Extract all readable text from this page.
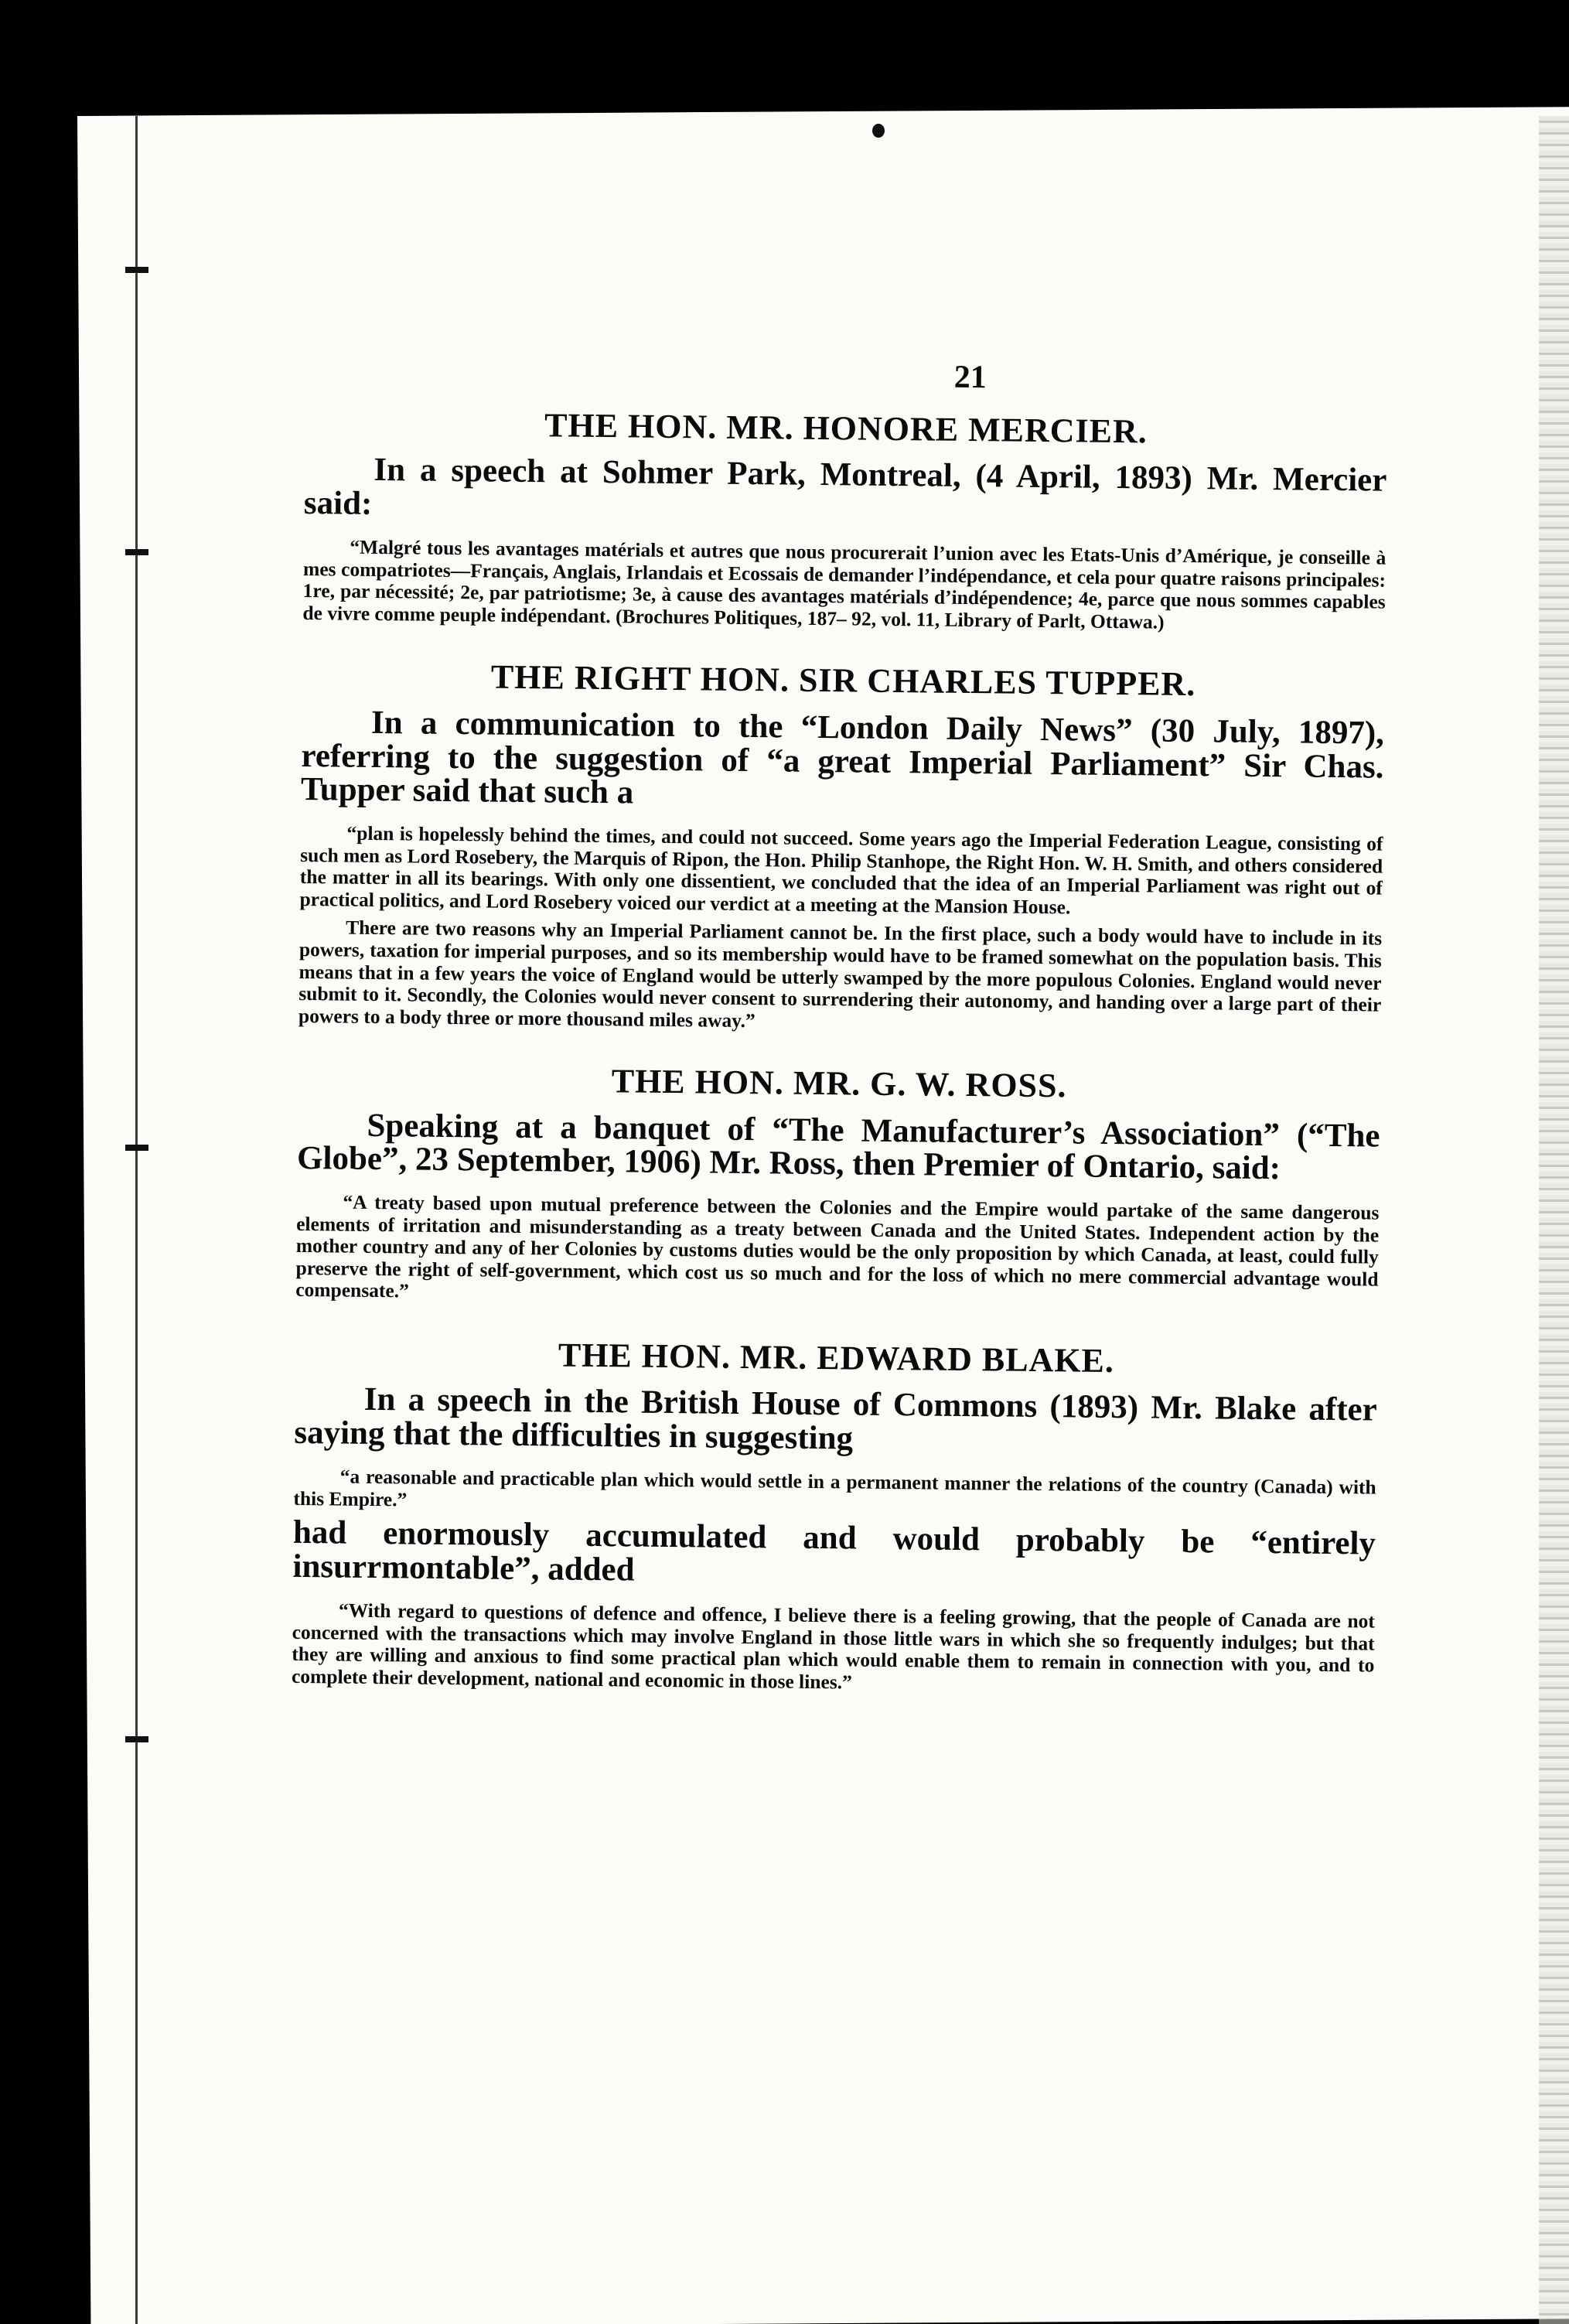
21
THE HON. MR. HONORE MERCIER.

In a speech at Sohmer Park, Montreal, (4 April, 1893) Mr. Mercier said:

“Malgré tous les avantages matérials et autres que nous procurerait l’union avec les Etats-Unis d’Amérique, je conseille à mes compatriotes—Français, Anglais, Irlandais et Ecossais de demander l’indépendance, et cela pour quatre raisons principales: 1re, par nécessité; 2e, par patriotisme; 3e, à cause des avantages matérials d’indépendence; 4e, parce que nous sommes capables de vivre comme peuple indépendant. (Brochures Politiques, 187– 92, vol. 11, Library of Parlt, Ottawa.)

THE RIGHT HON. SIR CHARLES TUPPER.

In a communication to the “London Daily News” (30 July, 1897), referring to the suggestion of “a great Imperial Parliament” Sir Chas. Tupper said that such a

“plan is hopelessly behind the times, and could not succeed. Some years ago the Imperial Federation League, consisting of such men as Lord Rosebery, the Marquis of Ripon, the Hon. Philip Stanhope, the Right Hon. W. H. Smith, and others considered the matter in all its bearings. With only one dissentient, we concluded that the idea of an Imperial Parliament was right out of practical politics, and Lord Rosebery voiced our verdict at a meeting at the Mansion House.

There are two reasons why an Imperial Parliament cannot be. In the first place, such a body would have to include in its powers, taxation for imperial purposes, and so its membership would have to be framed somewhat on the population basis. This means that in a few years the voice of England would be utterly swamped by the more populous Colonies. England would never submit to it. Secondly, the Colonies would never consent to surrendering their autonomy, and handing over a large part of their powers to a body three or more thousand miles away.”

THE HON. MR. G. W. ROSS.

Speaking at a banquet of “The Manufacturer’s Association” (“The Globe”, 23 September, 1906) Mr. Ross, then Premier of Ontario, said:

“A treaty based upon mutual preference between the Colonies and the Empire would partake of the same dangerous elements of irritation and misunderstanding as a treaty between Canada and the United States. Independent action by the mother country and any of her Colonies by customs duties would be the only proposition by which Canada, at least, could fully preserve the right of self-government, which cost us so much and for the loss of which no mere commercial advantage would compensate.”

THE HON. MR. EDWARD BLAKE.

In a speech in the British House of Commons (1893) Mr. Blake after saying that the difficulties in suggesting

“a reasonable and practicable plan which would settle in a permanent manner the relations of the country (Canada) with this Empire.”

had enormously accumulated and would probably be “entirely insurrmontable”, added

“With regard to questions of defence and offence, I believe there is a feeling growing, that the people of Canada are not concerned with the transactions which may involve England in those little wars in which she so frequently indulges; but that they are willing and anxious to find some practical plan which would enable them to remain in connection with you, and to complete their development, national and economic in those lines.”
